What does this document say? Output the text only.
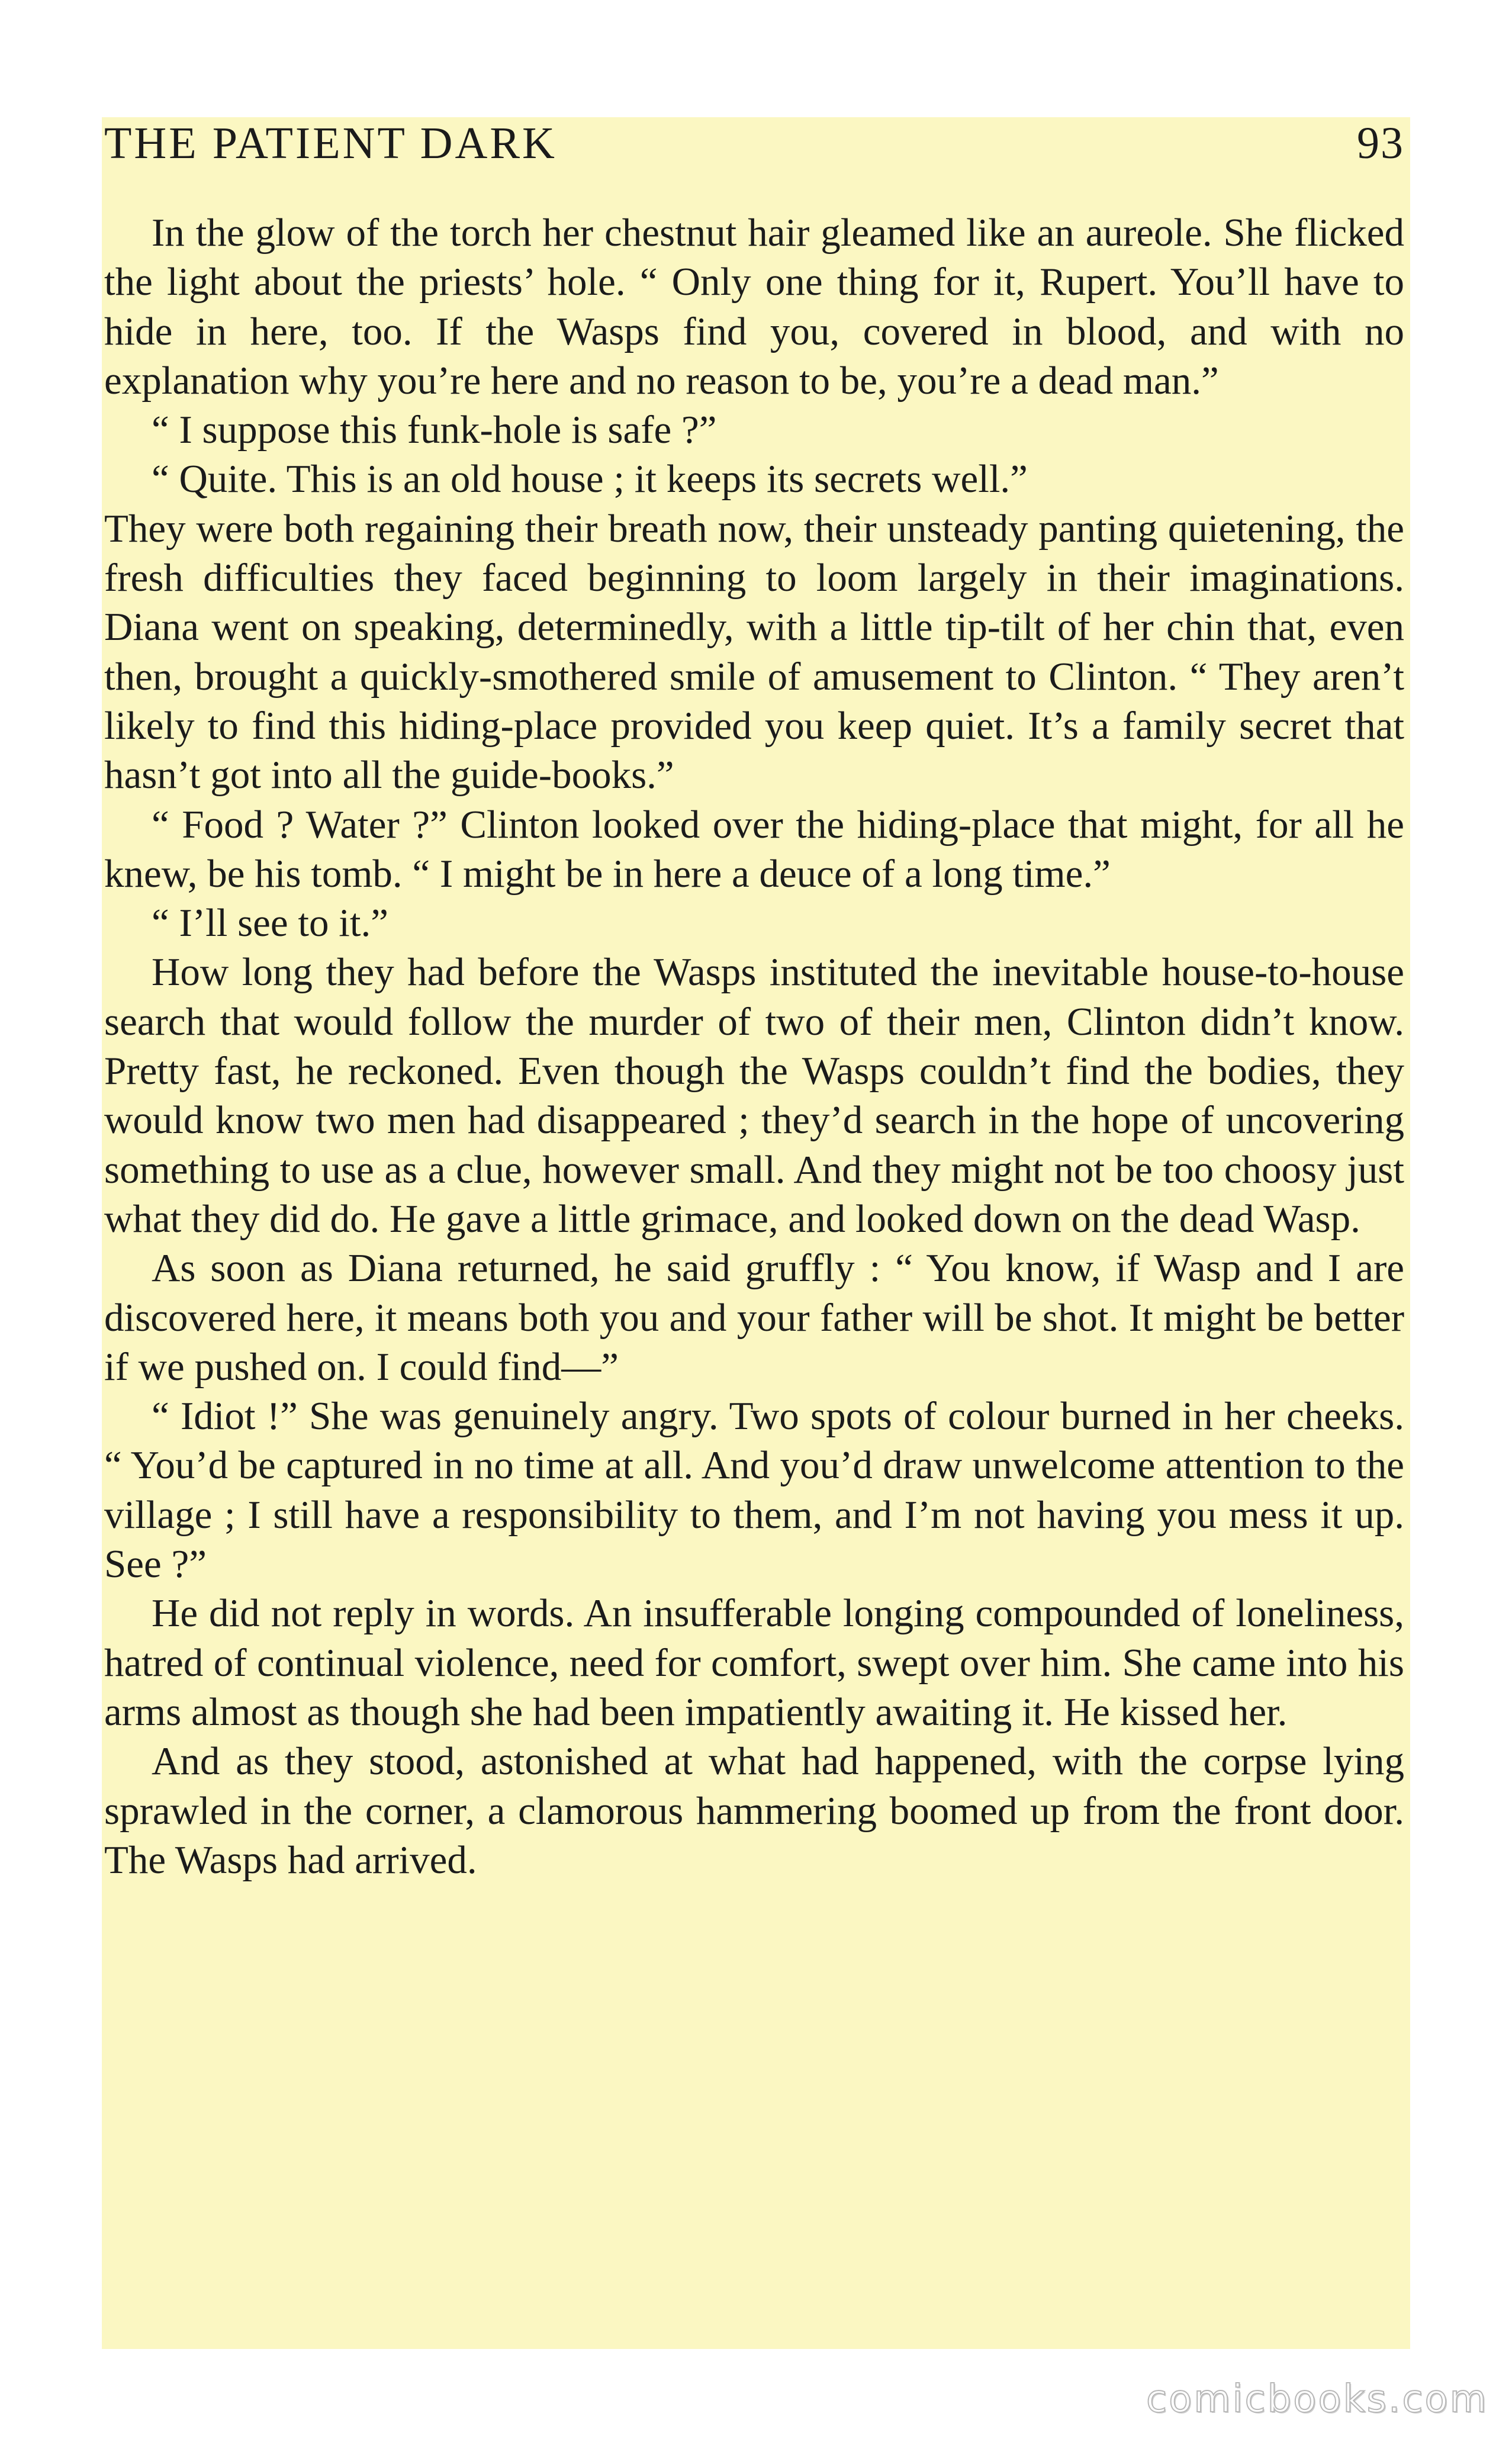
THE PATIENT DARK	93

In the glow of the torch her chestnut hair gleamed like an aureole. She flicked the light about the priests’ hole. “ Only one thing for it, Rupert. You’ll have to hide in here, too. If the Wasps find you, covered in blood, and with no explanation why you’re here and no reason to be, you’re a dead man.”

“ I suppose this funk-hole is safe ?”

“ Quite. This is an old house ; it keeps its secrets well.”

They were both regaining their breath now, their unsteady panting quietening, the fresh difficulties they faced beginning to loom largely in their imaginations. Diana went on speaking, determinedly, with a little tip-tilt of her chin that, even then, brought a quickly-smothered smile of amusement to Clinton. “ They aren’t likely to find this hiding-place provided you keep quiet. It’s a family secret that hasn’t got into all the guide-books.”

“ Food ? Water ?” Clinton looked over the hiding-place that might, for all he knew, be his tomb. “ I might be in here a deuce of a long time.”

“ I’ll see to it.”

How long they had before the Wasps instituted the inevitable house-to-house search that would follow the murder of two of their men, Clinton didn’t know. Pretty fast, he reckoned. Even though the Wasps couldn’t find the bodies, they would know two men had disappeared ; they’d search in the hope of uncovering something to use as a clue, however small. And they might not be too choosy just what they did do. He gave a little grimace, and looked down on the dead Wasp.

As soon as Diana returned, he said gruffly : “ You know, if Wasp and I are discovered here, it means both you and your father will be shot. It might be better if we pushed on. I could find—”

“ Idiot !” She was genuinely angry. Two spots of colour burned in her cheeks. “ You’d be captured in no time at all. And you’d draw unwelcome attention to the village ; I still have a responsibility to them, and I’m not having you mess it up. See ?”

He did not reply in words. An insufferable longing compounded of loneliness, hatred of continual violence, need for comfort, swept over him. She came into his arms almost as though she had been impatiently awaiting it. He kissed her.

And as they stood, astonished at what had happened, with the corpse lying sprawled in the corner, a clamorous hammering boomed up from the front door. The Wasps had arrived.

comicbooks.com
